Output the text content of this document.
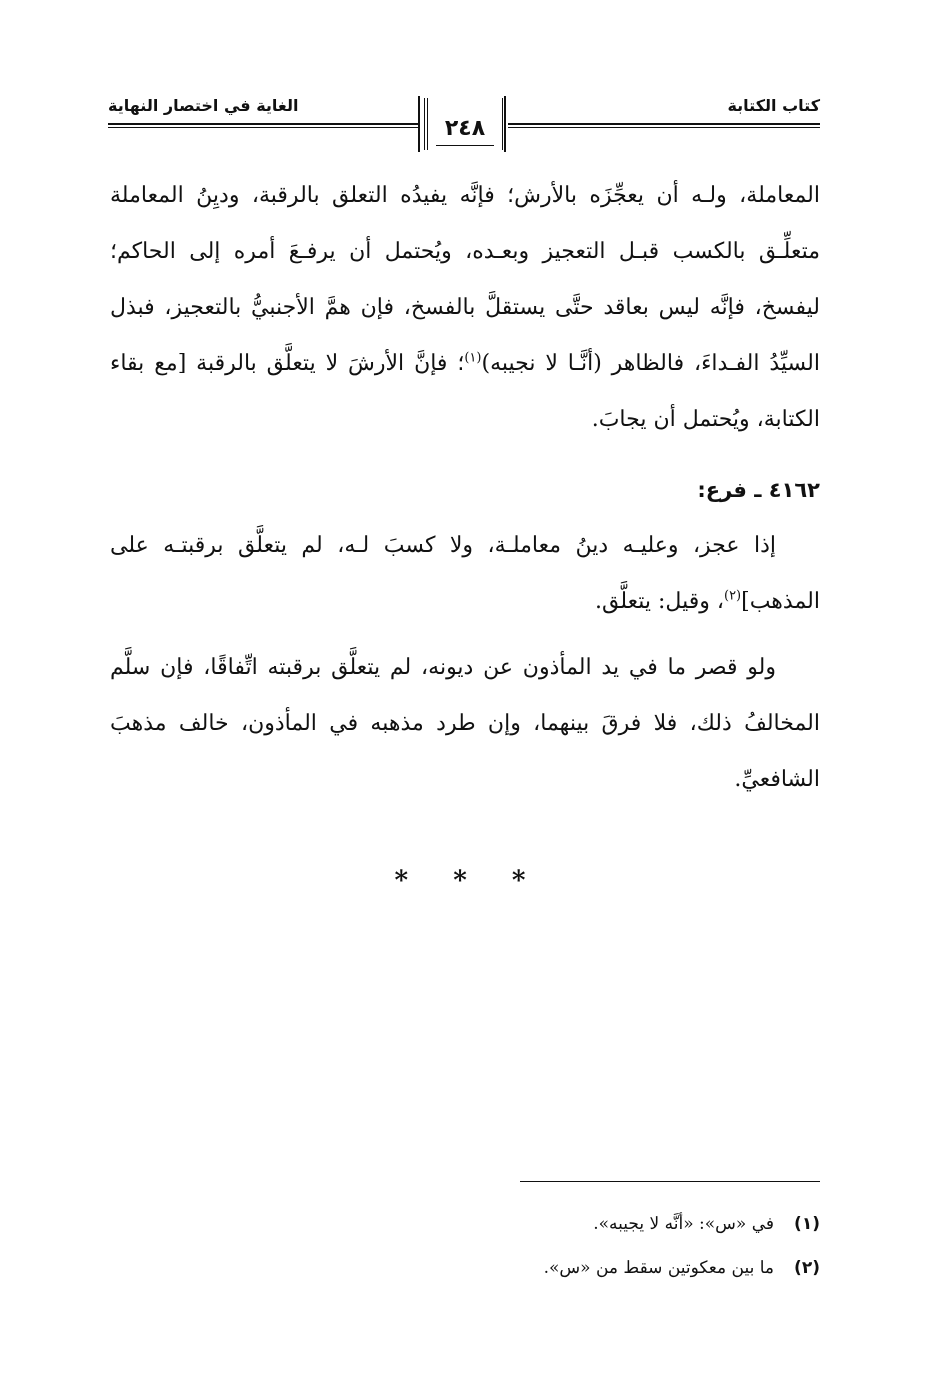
كتاب الكتابة
الغاية في اختصار النهاية
٢٤٨

المعاملة، ولـه أن يعجِّزَه بالأرش؛ فإنَّه يفيدُه التعلق بالرقبة، وديِنُ المعاملة متعلِّـق بالكسب قبـل التعجيز وبعـده، ويُحتمل أن يرفـعَ أمره إلى الحاكم؛ ليفسخ، فإنَّه ليس بعاقد حتَّى يستقلَّ بالفسخ، فإن همَّ الأجنبيُّ بالتعجيز، فبذل السيِّدُ الفـداءَ، فالظاهر (أنَّـا لا نجيبه)$^{(١)}$؛ فإنَّ الأرشَ لا يتعلَّق بالرقبة [مع بقاء الكتابة، ويُحتمل أن يجابَ.

٤١٦٢ ـ فرع:

إذا عجز، وعليـه دينُ معاملـة، ولا كسبَ لـه، لم يتعلَّق برقبتـه على المذهب]$^{(٢)}$، وقيل: يتعلَّق.

ولو قصر ما في يد المأذون عن ديونه، لم يتعلَّق برقبته اتِّفاقًا، فإن سلَّم المخالفُ ذلك، فلا فرقَ بينهما، وإن طرد مذهبه في المأذون، خالف مذهبَ الشافعيِّ.

* * *
(١)في «س»: «أنَّه لا يجيبه».
(٢)ما بين معكوتين سقط من «س».
